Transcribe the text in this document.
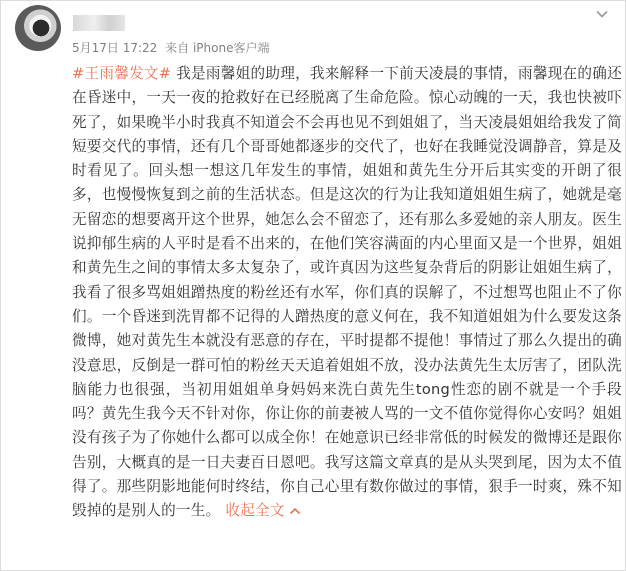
5月17日 17:22 来自 iPhone客户端
#王雨馨发文# 我是雨馨姐的助理，我来解释一下前天凌晨的事情，雨馨现在的确还在昏迷中，一天一夜的抢救好在已经脱离了生命危险。惊心动魄的一天，我也快被吓死了，如果晚半小时我真不知道会不会再也见不到姐姐了，当天凌晨姐姐给我发了简短要交代的事情，还有几个哥哥她都逐步的交代了，也好在我睡觉没调静音，算是及时看见了。回头想一想这几年发生的事情，姐姐和黄先生分开后其实变的开朗了很多，也慢慢恢复到之前的生活状态。但是这次的行为让我知道姐姐生病了，她就是毫无留恋的想要离开这个世界，她怎么会不留恋了，还有那么多爱她的亲人朋友。医生说抑郁生病的人平时是看不出来的，在他们笑容满面的内心里面又是一个世界，姐姐和黄先生之间的事情太多太复杂了，或许真因为这些复杂背后的阴影让姐姐生病了，我看了很多骂姐姐蹭热度的粉丝还有水军，你们真的误解了，不过想骂也阻止不了你们。一个昏迷到洗胃都不记得的人蹭热度的意义何在，我不知道姐姐为什么要发这条微博，她对黄先生本就没有恶意的存在，平时提都不提他！事情过了那么久提出的确没意思，反倒是一群可怕的粉丝天天追着姐姐不放，没办法黄先生太厉害了，团队洗脑能力也很强，当初用姐姐单身妈妈来洗白黄先生tong性恋的剧不就是一个手段吗？黄先生我今天不针对你，你让你的前妻被人骂的一文不值你觉得你心安吗？姐姐没有孩子为了你她什么都可以成全你！在她意识已经非常低的时候发的微博还是跟你告别，大概真的是一日夫妻百日恩吧。我写这篇文章真的是从头哭到尾，因为太不值得了。那些阴影地能何时终结，你自己心里有数你做过的事情，狠手一时爽，殊不知毁掉的是别人的一生。 收起全文
